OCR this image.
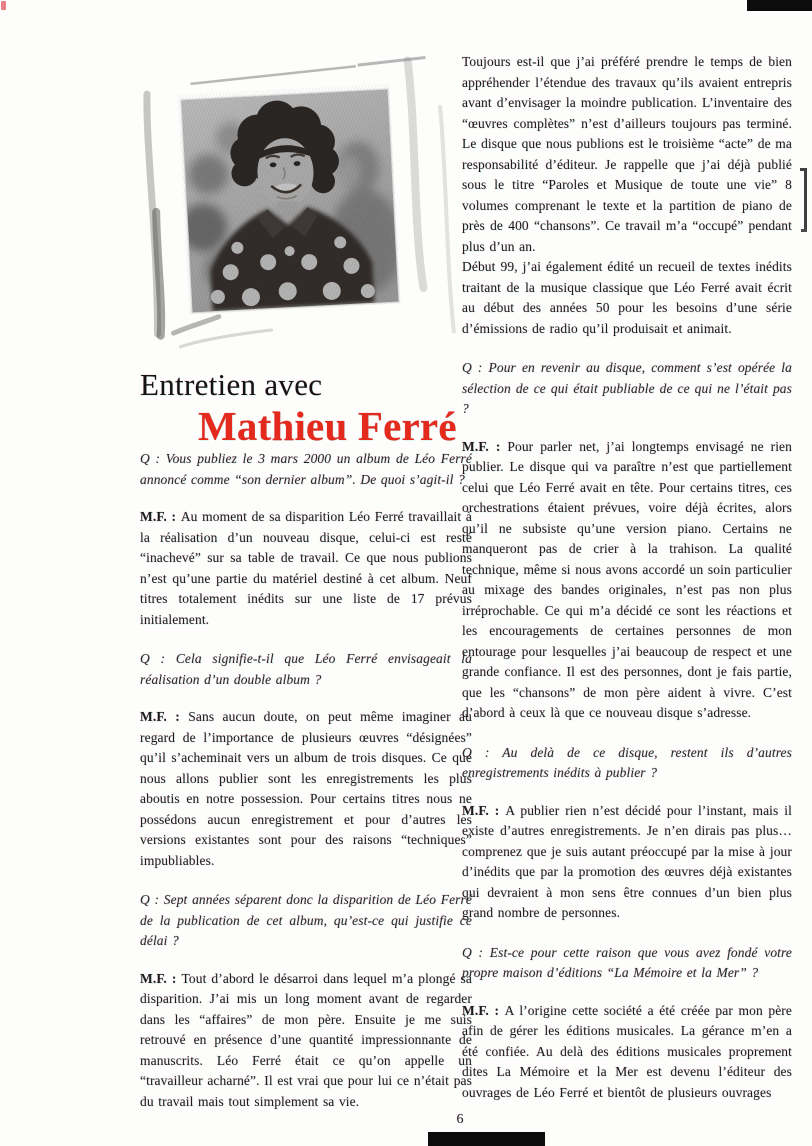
Entretien avec
Mathieu Ferré

Q : Vous publiez le 3 mars 2000 un album de Léo Ferré annoncé comme “son dernier album”. De quoi s’agit-il ?

M.F. : Au moment de sa disparition Léo Ferré travaillait à la réalisation d’un nouveau disque, celui-ci est resté “inachevé” sur sa table de travail. Ce que nous publions n’est qu’une partie du matériel destiné à cet album. Neuf titres totalement inédits sur une liste de 17 prévus initialement.

Q : Cela signifie-t-il que Léo Ferré envisageait la réalisation d’un double album ?

M.F. : Sans aucun doute, on peut même imaginer au regard de l’importance de plusieurs œuvres “désignées” qu’il s’acheminait vers un album de trois disques. Ce que nous allons publier sont les enregistrements les plus aboutis en notre possession. Pour certains titres nous ne possédons aucun enregistrement et pour d’autres les versions existantes sont pour des raisons “techniques” impubliables.

Q : Sept années séparent donc la disparition de Léo Ferré de la publication de cet album, qu’est-ce qui justifie ce délai ?

M.F. : Tout d’abord le désarroi dans lequel m’a plongé sa disparition. J’ai mis un long moment avant de regarder dans les “affaires” de mon père. Ensuite je me suis retrouvé en présence d’une quantité impressionnante de manuscrits. Léo Ferré était ce qu’on appelle un “travailleur acharné”. Il est vrai que pour lui ce n’était pas du travail mais tout simplement sa vie.

Toujours est-il que j’ai préféré prendre le temps de bien appréhender l’étendue des travaux qu’ils avaient entrepris avant d’envisager la moindre publication. L’inventaire des “œuvres complètes” n’est d’ailleurs toujours pas terminé. Le disque que nous publions est le troisième “acte” de ma responsabilité d’éditeur. Je rappelle que j’ai déjà publié sous le titre “Paroles et Musique de toute une vie” 8 volumes comprenant le texte et la partition de piano de près de 400 “chansons”. Ce travail m’a “occupé” pendant plus d’un an.

Début 99, j’ai également édité un recueil de textes inédits traitant de la musique classique que Léo Ferré avait écrit au début des années 50 pour les besoins d’une série d’émissions de radio qu’il produisait et animait.

Q : Pour en revenir au disque, comment s’est opérée la sélection de ce qui était publiable de ce qui ne l’était pas ?

M.F. : Pour parler net, j’ai longtemps envisagé ne rien publier. Le disque qui va paraître n’est que partiellement celui que Léo Ferré avait en tête. Pour certains titres, ces orchestrations étaient prévues, voire déjà écrites, alors qu’il ne subsiste qu’une version piano. Certains ne manqueront pas de crier à la trahison. La qualité technique, même si nous avons accordé un soin particulier au mixage des bandes originales, n’est pas non plus irréprochable. Ce qui m’a décidé ce sont les réactions et les encouragements de certaines personnes de mon entourage pour lesquelles j’ai beaucoup de respect et une grande confiance. Il est des personnes, dont je fais partie, que les “chansons” de mon père aident à vivre. C’est d’abord à ceux là que ce nouveau disque s’adresse.

Q : Au delà de ce disque, restent ils d’autres enregistrements inédits à publier ?

M.F. : A publier rien n’est décidé pour l’instant, mais il existe d’autres enregistrements. Je n’en dirais pas plus… comprenez que je suis autant préoccupé par la mise à jour d’inédits que par la promotion des œuvres déjà existantes qui devraient à mon sens être connues d’un bien plus grand nombre de personnes.

Q : Est-ce pour cette raison que vous avez fondé votre propre maison d’éditions “La Mémoire et la Mer” ?

M.F. : A l’origine cette société a été créée par mon père afin de gérer les éditions musicales. La gérance m’en a été confiée. Au delà des éditions musicales proprement dites La Mémoire et la Mer est devenu l’éditeur des ouvrages de Léo Ferré et bientôt de plusieurs ouvrages

6
